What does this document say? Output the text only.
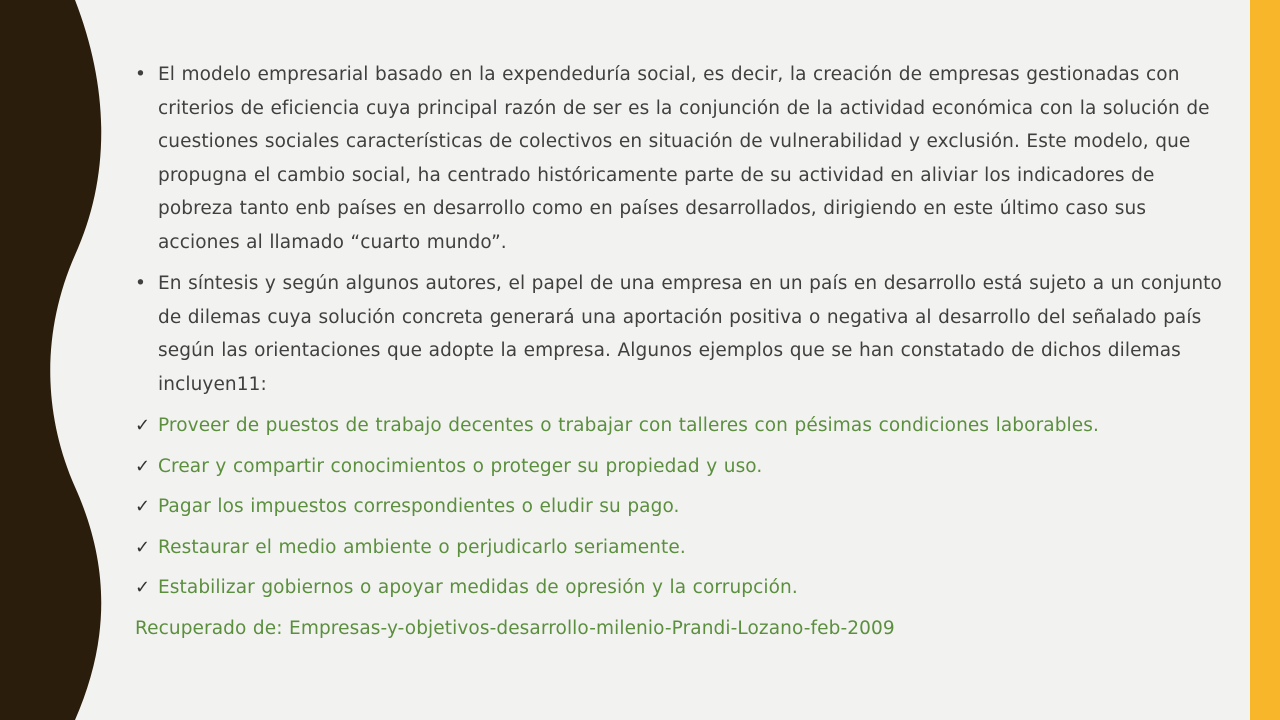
• El modelo empresarial basado en la expendeduría social, es decir, la creación de empresas gestionadas con criterios de eficiencia cuya principal razón de ser es la conjunción de la actividad económica con la solución de cuestiones sociales características de colectivos en situación de vulnerabilidad y exclusión. Este modelo, que propugna el cambio social, ha centrado históricamente parte de su actividad en aliviar los indicadores de pobreza tanto enb países en desarrollo como en países desarrollados, dirigiendo en este último caso sus acciones al llamado “cuarto mundo”.
• En síntesis y según algunos autores, el papel de una empresa en un país en desarrollo está sujeto a un conjunto de dilemas cuya solución concreta generará una aportación positiva o negativa al desarrollo del señalado país según las orientaciones que adopte la empresa. Algunos ejemplos que se han constatado de dichos dilemas incluyen11:
✓ Proveer de puestos de trabajo decentes o trabajar con talleres con pésimas condiciones laborables.
✓ Crear y compartir conocimientos o proteger su propiedad y uso.
✓ Pagar los impuestos correspondientes o eludir su pago.
✓ Restaurar el medio ambiente o perjudicarlo seriamente.
✓ Estabilizar gobiernos o apoyar medidas de opresión y la corrupción.
Recuperado de: Empresas-y-objetivos-desarrollo-milenio-Prandi-Lozano-feb-2009
